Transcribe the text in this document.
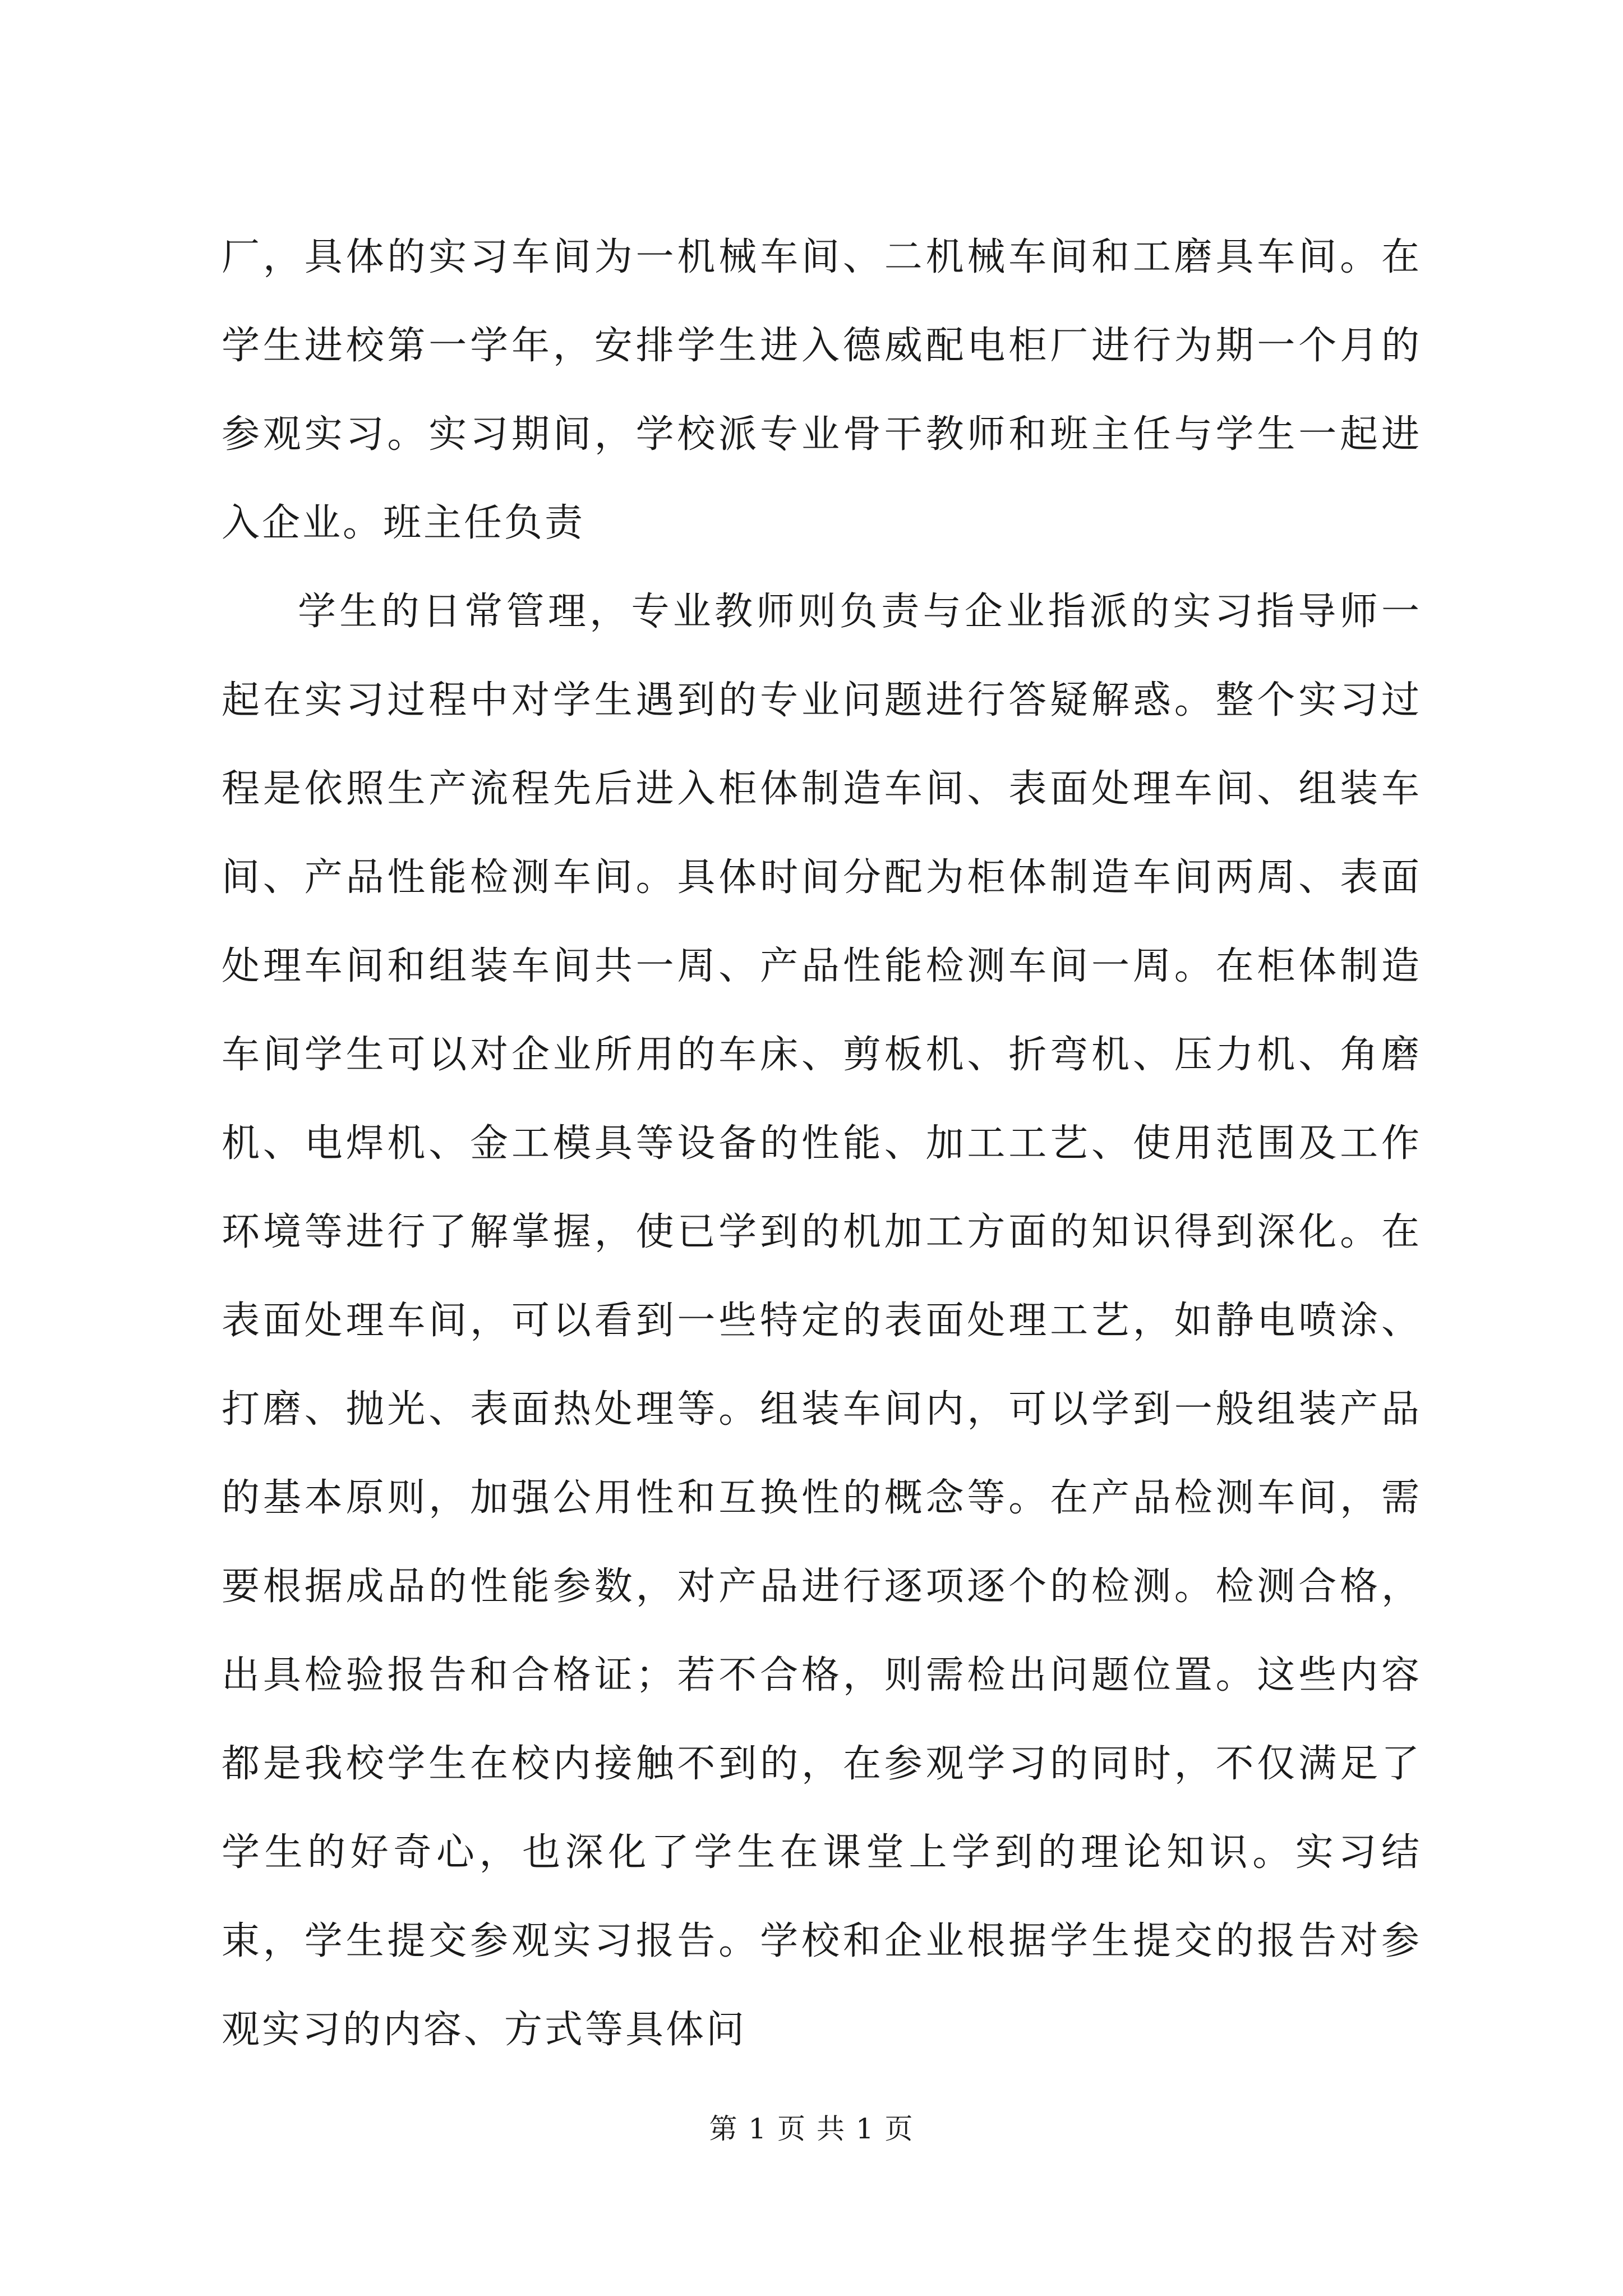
厂，具体的实习车间为一机械车间、二机械车间和工磨具车间。在学生进校第一学年，安排学生进入德威配电柜厂进行为期一个月的参观实习。实习期间，学校派专业骨干教师和班主任与学生一起进入企业。班主任负责

学生的日常管理，专业教师则负责与企业指派的实习指导师一起在实习过程中对学生遇到的专业问题进行答疑解惑。整个实习过程是依照生产流程先后进入柜体制造车间、表面处理车间、组装车间、产品性能检测车间。具体时间分配为柜体制造车间两周、表面处理车间和组装车间共一周、产品性能检测车间一周。在柜体制造车间学生可以对企业所用的车床、剪板机、折弯机、压力机、角磨机、电焊机、金工模具等设备的性能、加工工艺、使用范围及工作环境等进行了解掌握，使已学到的机加工方面的知识得到深化。在表面处理车间，可以看到一些特定的表面处理工艺，如静电喷涂、打磨、抛光、表面热处理等。组装车间内，可以学到一般组装产品的基本原则，加强公用性和互换性的概念等。在产品检测车间，需要根据成品的性能参数，对产品进行逐项逐个的检测。检测合格，出具检验报告和合格证；若不合格，则需检出问题位置。这些内容都是我校学生在校内接触不到的，在参观学习的同时，不仅满足了学生的好奇心，也深化了学生在课堂上学到的理论知识。实习结束，学生提交参观实习报告。学校和企业根据学生提交的报告对参观实习的内容、方式等具体问

第 1 页 共 1 页
